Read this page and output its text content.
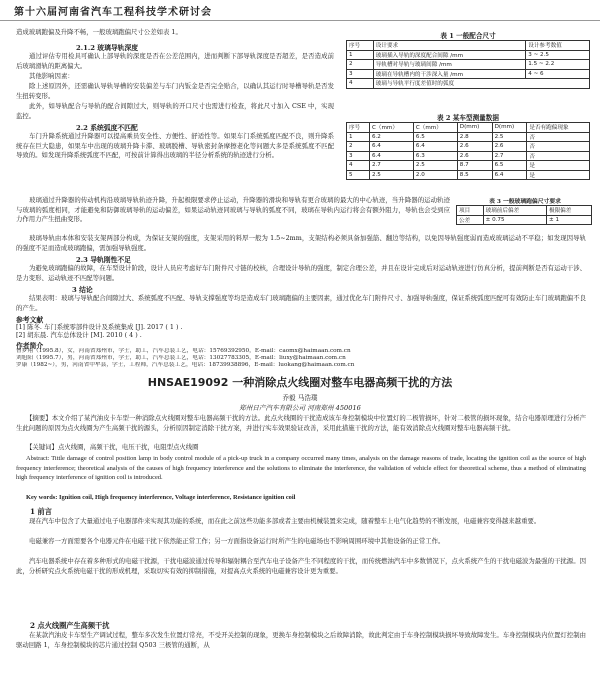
第十六届河南省汽车工程科技学术研讨会

造成玻璃跑偏及升降不畅，一般玻璃跑偏尺寸公差如表 1。

2.1.2 玻璃导轨深度

通过评估专用检具可确认上部导轨的深度是否在公差范围内，进而判断下部导轨深度是否超差，是否造成前后玻璃滑轨的距离偏大。

其他影响因素：

除上述原因外，还需确认导轨导槽的安装偏差与车门内钣金是否完全贴合，以确认其运行时导槽导轨是否发生扭转变形。

此外，如导轨配合与导轨的配合间隙过大，则导轨的开口尺寸也需进行检查，将此尺寸加入 CSE 中，实现监控。

2.2 系统弧度不匹配

车门升降系统通过升降器可以提高乘员安全性、方便性、舒适性等。如果车门系统弧度匹配不良，则升降系统存在巨大隐患，如果车中出现的玻璃升降卡滞、玻璃脱槽、导轨密封条摩擦老化等问题大多是系统弧度不匹配导致的。如发现升降系统弧度不匹配，可按前计算得出玻璃的半径分析系统的轨迹进行分析。

玻璃通过升降器的传动机构沿玻璃导轨轨迹升降，升起极限要求停止运动，升降器的滑块和导轨有更合玻璃的最大的中心轨迹，当升降器的运动轨迹与玻璃的弧度相同，才能避免和防御玻璃导轨的运动偏差，如果运动轨迹同玻璃与导轨的弧度不同，玻璃在导轨内运行将会有额外阻力，导轨也会受到应力作用力产生扭曲变形。

玻璃导轨由本体和安装支架两部分构成，为保证支架的强度，支架采用的料厚一般为 1.5~2mm，支架结构必须具备加强筋、翻边等结构，以免因导轨强度弱而造成玻璃运动不平稳；如发现因导轨的强度不足而造成玻璃跑偏，需加强导轨强度。

2.3 导轨刚性不足

为避免玻璃跑偏的故障，在车型设计阶段，设计人员应考虑好车门附件尺寸链的校核，合理设计导轨的强度，制定合理公差，并且在设计完成后对运动轨迹进行仿真分析，提前判断是否有运动干涉、是力变形、运动轨迹不匹配等问题。

3 结论

结果表明：玻璃与导轨配合间隙过大、系统弧度不匹配、导轨支撑强度等均是造成车门玻璃跑偏的主要因素，通过优化车门附件尺寸、加强导轨强度，保证系统弧度匹配可有效防止车门玻璃跑偏不良的产生。

参考文献

[1] 陈冬. 车门系统零部件设计及系统集成 [J]. 2017 ( 1 ) .

[2] 胡东晨. 汽车总体设计 [M]. 2010 ( 4 ) .

作者简介

曹梦翔（1995.8），女，河南省郑州市，学士，助工，汽车总装工艺，电话：15769392950，E-mail：caomx@haimaan.com.cn

刘旭阳（1995.7），男，河南省郑州市，学士，助工，汽车总装工艺，电话：13027783305，E-mail：liuxy@haimaan.com.cn

罗康（1982~），男，河南省中牟县，学士，工程师，汽车总装工艺，电话：18739938896，E-mail：luokang@haimaan.com.cn

表 1 一般配合尺寸
序号	设计要求	设计参考数值
1	玻璃插入导轨的深度配合间隙 /mm	3 ~ 2.5
2	导轨槽对导轨与玻璃间隙 /mm	1.5 ~ 2.2
3	玻璃在导轨槽内的干涉深入量 /mm	4 ~ 6
4	玻璃与导轨平行度差值时的弧度	
表 2 某车型测量数据
序号	C（mm）	C（mm）	D(mm)	D(mm)	是否有跑偏现象
1	6.2	6.5	2.8	2.5	否
2	6.4	6.4	2.6	2.6	否
3	6.4	6.3	2.6	2.7	否
4	2.7	2.5	8.7	6.5	是
5	2.5	2.0	8.5	6.4	是
表 3 一般玻璃跑偏尺寸要求
项目	玻璃前后偏差	极限偏差
公差	± 0.75	± 1

HNSAE19092 一种消除点火线圈对整车电器高频干扰的方法

乔毅 马浩璞

郑州日产汽车有限公司 河南郑州 450016

【摘要】本文介绍了某汽油皮卡车型一种消除点火线圈对整车电器高频干扰的方法。此点火线圈的干扰造成该车身控制模块中位置灯的二极管损坏，针对二极管的损坏现象，结合电器原理进行分析产生此问题的原因为点火线圈为产生高频干扰的源头，分析原因制定消除干扰方案，并进行实车效果验证改善，采用此措施干扰的方法，能有效消除点火线圈对整车电器高频干扰。

【关键词】点火线圈，高频干扰，电压干扰，电阻型点火线圈

Abstract: Tittle damage of control position lamp in body control module of a pick-up truck in a company occurred many times, analysis on the damage reasons of trade, locating the ignition coil as the source of high frequency interference; theoretical analysis of the causes of high frequency interference and the solutions to eliminate the interference, the validation of vehicle effect for theoretical scheme, thus a method of eliminating high frequency interference of ignition coil is introduced.

Key words: Ignition coil, High frequency interference, Voltage interference, Resistance ignition coil

1 前言

现在汽车中包含了大量通过电子电器部件来实现其功能的系统，而在此之前这些功能多部或者主要由机械装置来完成，随着整车上电气化趋势的不断发展，电磁兼容变得越来越重要。

电磁兼容一方面需要各个电器元件在电磁干扰下依然能正常工作；另一方面指设备运行时所产生的电磁场也不影响周围环境中其他设备的正常工作。

汽车电器系统中存在着多种形式的电磁干扰源，干扰电磁波通过传导和辐射耦合至汽车电子设备产生不同程度的干扰，而传统燃油汽车中多数情况下，点火系统产生的干扰电磁波为最强的干扰源。因此，分析研究点火系统电磁干扰的形成机理，采取切实有效的抑制措施，对提高点火系统的电磁兼容设计更为重要。

2 点火线圈产生高频干扰

在某款汽油皮卡车型生产调试过程，整车多次发生位置灯常亮，不受开关控制的现象，更换车身控制模块之后故障消除，故此判定由于车身控制模块损坏导致故障发生。车身控制模块内位置灯控制由驱动回路 1，车身控制模块的芯片通过控制 Q503 三极管的通断，从
